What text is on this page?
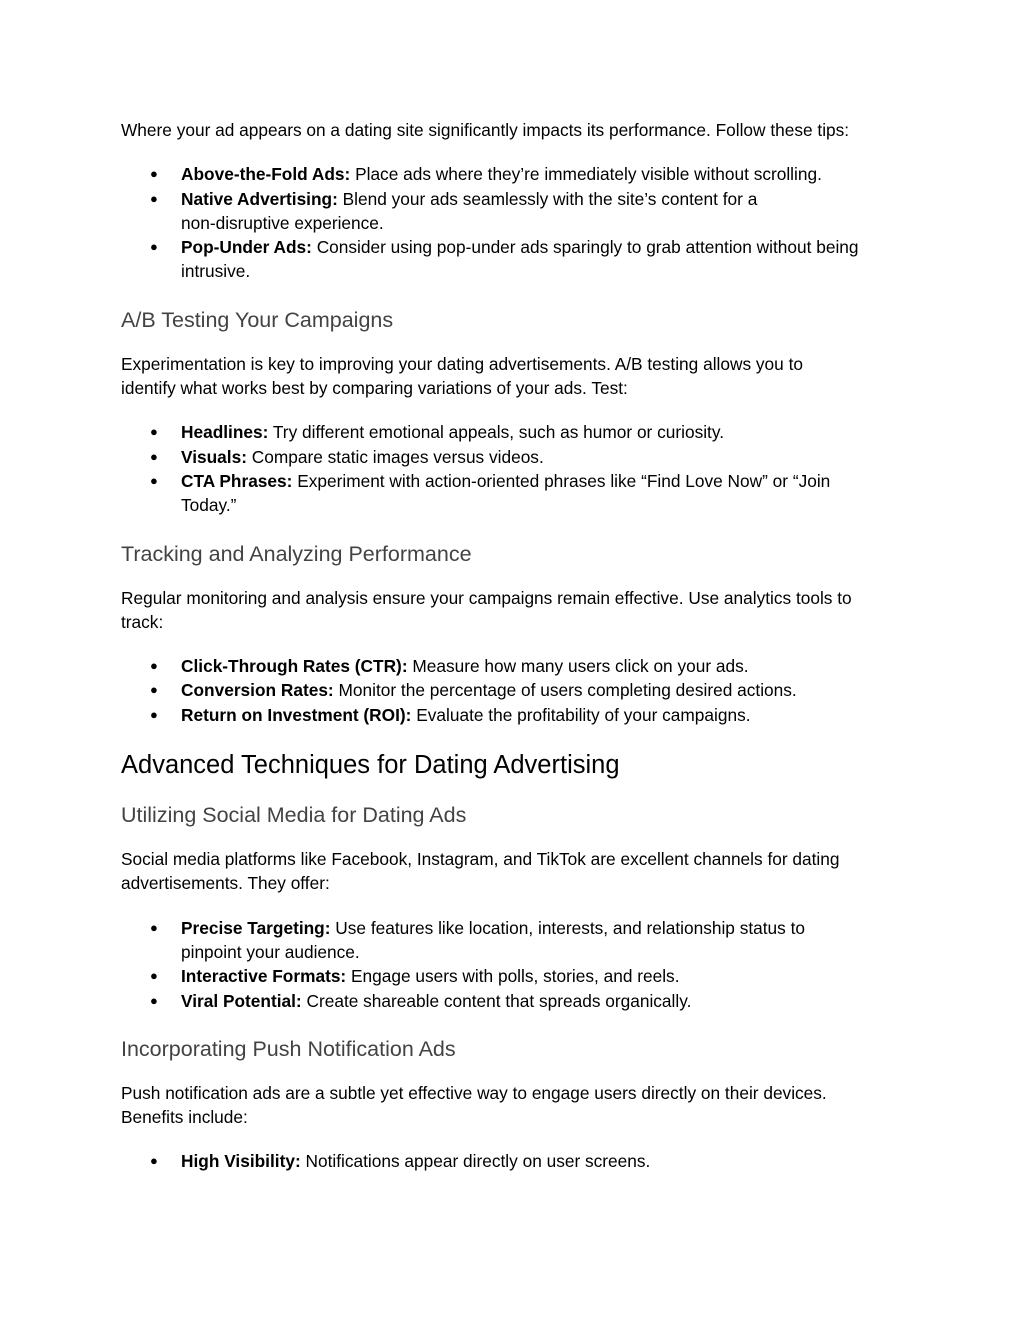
Where your ad appears on a dating site significantly impacts its performance. Follow these tips:

● Above-the-Fold Ads: Place ads where they’re immediately visible without scrolling.
● Native Advertising: Blend your ads seamlessly with the site’s content for a
non-disruptive experience.
● Pop-Under Ads: Consider using pop-under ads sparingly to grab attention without being
intrusive.
A/B Testing Your Campaigns

Experimentation is key to improving your dating advertisements. A/B testing allows you to
identify what works best by comparing variations of your ads. Test:

● Headlines: Try different emotional appeals, such as humor or curiosity.
● Visuals: Compare static images versus videos.
● CTA Phrases: Experiment with action-oriented phrases like “Find Love Now” or “Join
Today.”
Tracking and Analyzing Performance

Regular monitoring and analysis ensure your campaigns remain effective. Use analytics tools to
track:

● Click-Through Rates (CTR): Measure how many users click on your ads.
● Conversion Rates: Monitor the percentage of users completing desired actions.
● Return on Investment (ROI): Evaluate the profitability of your campaigns.
Advanced Techniques for Dating Advertising
Utilizing Social Media for Dating Ads

Social media platforms like Facebook, Instagram, and TikTok are excellent channels for dating
advertisements. They offer:

● Precise Targeting: Use features like location, interests, and relationship status to
pinpoint your audience.
● Interactive Formats: Engage users with polls, stories, and reels.
● Viral Potential: Create shareable content that spreads organically.
Incorporating Push Notification Ads

Push notification ads are a subtle yet effective way to engage users directly on their devices.
Benefits include:

● High Visibility: Notifications appear directly on user screens.
